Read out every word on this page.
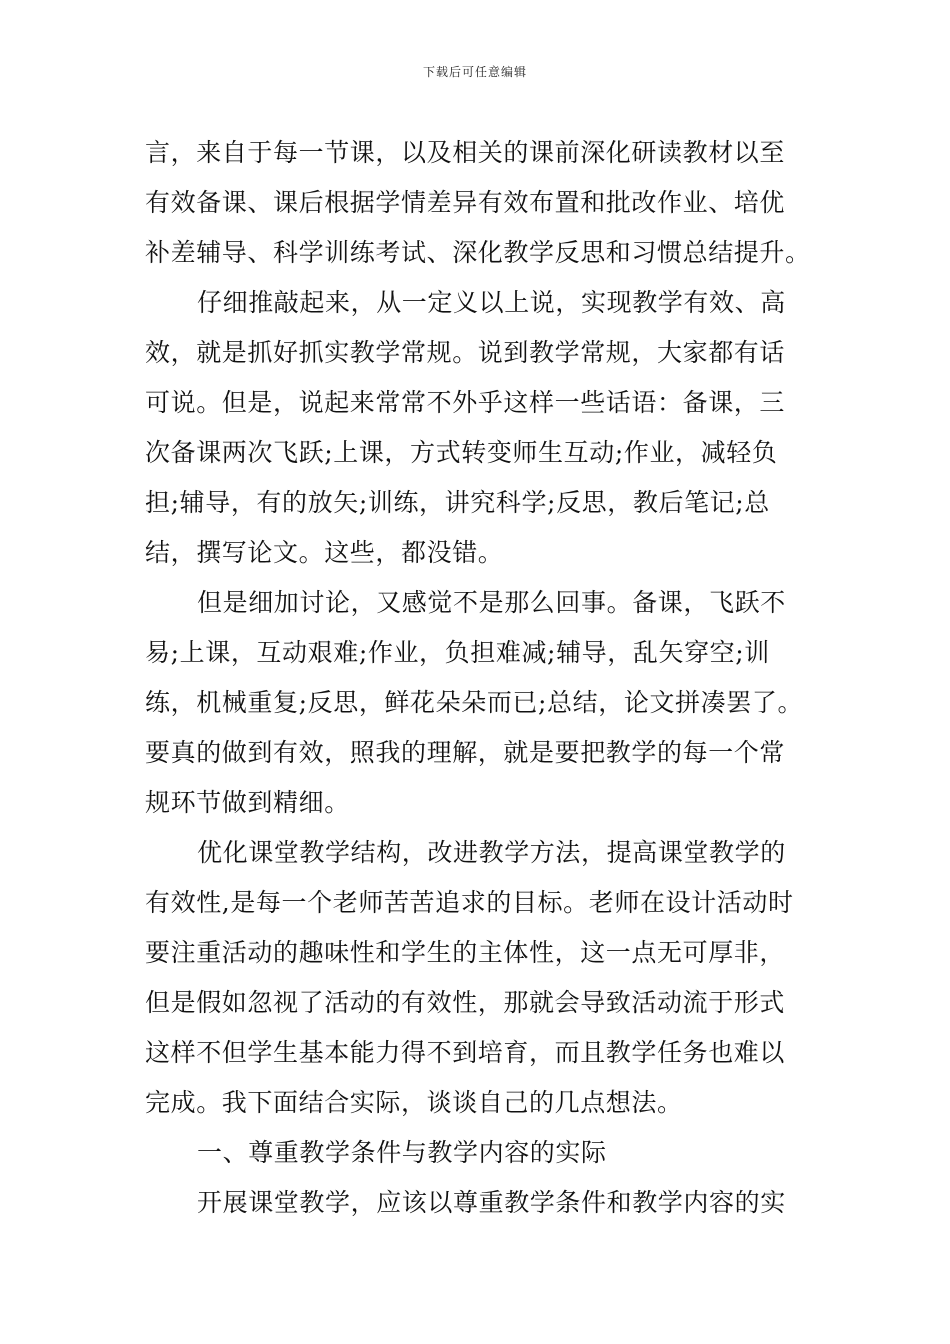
下载后可任意编辑
言，来自于每一节课，以及相关的课前深化研读教材以至
有效备课、课后根据学情差异有效布置和批改作业、培优
补差辅导、科学训练考试、深化教学反思和习惯总结提升。
仔细推敲起来，从一定义以上说，实现教学有效、高
效，就是抓好抓实教学常规。说到教学常规，大家都有话
可说。但是，说起来常常不外乎这样一些话语：备课，三
次备课两次飞跃;上课，方式转变师生互动;作业，减轻负
担;辅导，有的放矢;训练，讲究科学;反思，教后笔记;总
结，撰写论文。这些，都没错。
但是细加讨论，又感觉不是那么回事。备课，飞跃不
易;上课，互动艰难;作业，负担难减;辅导，乱矢穿空;训
练，机械重复;反思，鲜花朵朵而已;总结，论文拼凑罢了。
要真的做到有效，照我的理解，就是要把教学的每一个常
规环节做到精细。
优化课堂教学结构，改进教学方法，提高课堂教学的
有效性,是每一个老师苦苦追求的目标。老师在设计活动时
要注重活动的趣味性和学生的主体性，这一点无可厚非，
但是假如忽视了活动的有效性，那就会导致活动流于形式
这样不但学生基本能力得不到培育，而且教学任务也难以
完成。我下面结合实际，谈谈自己的几点想法。
一、尊重教学条件与教学内容的实际
开展课堂教学，应该以尊重教学条件和教学内容的实
